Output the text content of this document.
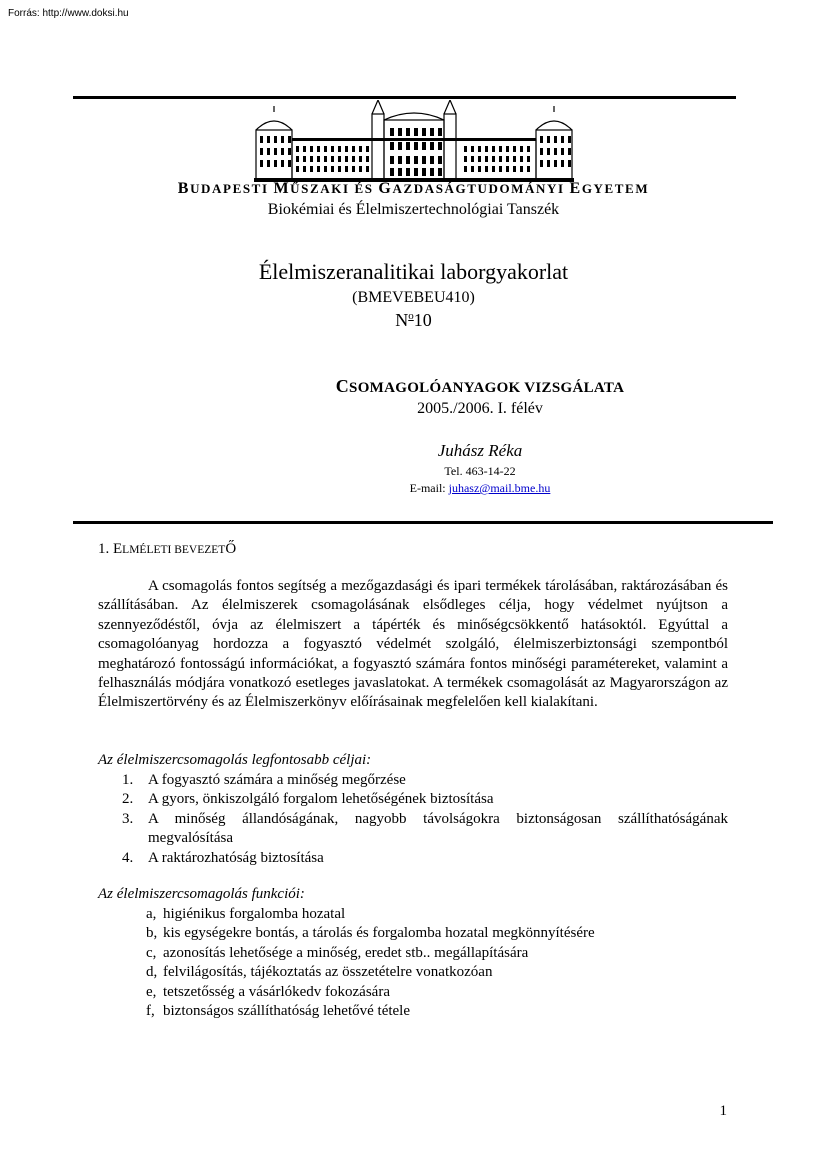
Forrás: http://www.doksi.hu
BUDAPESTI MŰSZAKI ÉS GAZDASÁGTUDOMÁNYI EGYETEM
Biokémiai és Élelmiszertechnológiai Tanszék
Élelmiszeranalitikai laborgyakorlat
(BMEVEBEU410)
$N^o10$
CSOMAGOLÓANYAGOK VIZSGÁLATA
2005./2006. I. félév
Juhász Réka
Tel. 463-14-22
E-mail: juhasz@mail.bme.hu
1. ELMÉLETI BEVEZETŐ

A csomagolás fontos segítség a mezőgazdasági és ipari termékek tárolásában, raktározásában és szállításában. Az élelmiszerek csomagolásának elsődleges célja, hogy védelmet nyújtson a szennyeződéstől, óvja az élelmiszert a tápérték és minőségcsökkentő hatásoktól. Egyúttal a csomagolóanyag hordozza a fogyasztó védelmét szolgáló, élelmiszerbiztonsági szempontból meghatározó fontosságú információkat, a fogyasztó számára fontos minőségi paramétereket, valamint a felhasználás módjára vonatkozó esetleges javaslatokat. A termékek csomagolását az Magyarországon az Élelmiszertörvény és az Élelmiszerkönyv előírásainak megfelelően kell kialakítani.

Az élelmiszercsomagolás legfontosabb céljai:
1. A fogyasztó számára a minőség megőrzése
2. A gyors, önkiszolgáló forgalom lehetőségének biztosítása
3. A minőség állandóságának, nagyobb távolságokra biztonságosan szállíthatóságának megvalósítása
4. A raktározhatóság biztosítása
Az élelmiszercsomagolás funkciói:
a, higiénikus forgalomba hozatal
b, kis egységekre bontás, a tárolás és forgalomba hozatal megkönnyítésére
c, azonosítás lehetősége a minőség, eredet stb.. megállapítására
d, felvilágosítás, tájékoztatás az összetételre vonatkozóan
e, tetszetősség a vásárlókedv fokozására
f, biztonságos szállíthatóság lehetővé tétele
1
